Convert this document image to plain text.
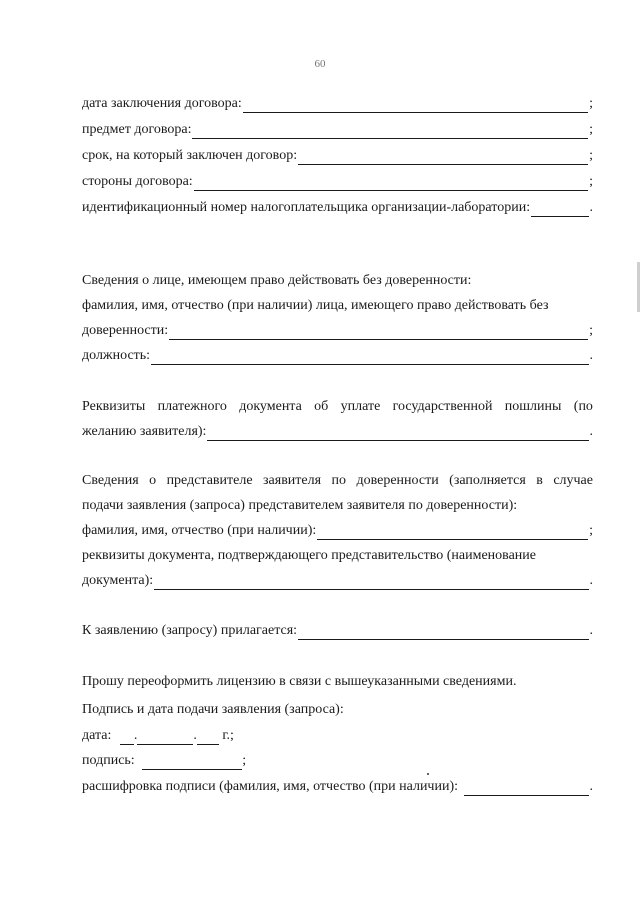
60
дата заключения договора:	;
предмет договора:	;
срок, на который заключен договор:	;
стороны договора:	;
идентификационный номер налогоплательщика организации-лаборатории:	.
Сведения о лице, имеющем право действовать без доверенности:
фамилия, имя, отчество (при наличии) лица, имеющего право действовать без
доверенности:	;
должность:	.
Реквизиты платежного документа об уплате государственной пошлины (по
желанию заявителя):	.
Сведения о представителе заявителя по доверенности (заполняется в случае
подачи заявления (запроса) представителем заявителя по доверенности):
фамилия, имя, отчество (при наличии):	;
реквизиты документа, подтверждающего представительство (наименование
документа):	.
К заявлению (запросу) прилагается:	.
Прошу переоформить лицензию в связи с вышеуказанными сведениями.
Подпись и дата подачи заявления (запроса):
дата: .	. г.;
подпись:	;
расшифровка подписи (фамилия, имя, отчество (при наличии):	.
